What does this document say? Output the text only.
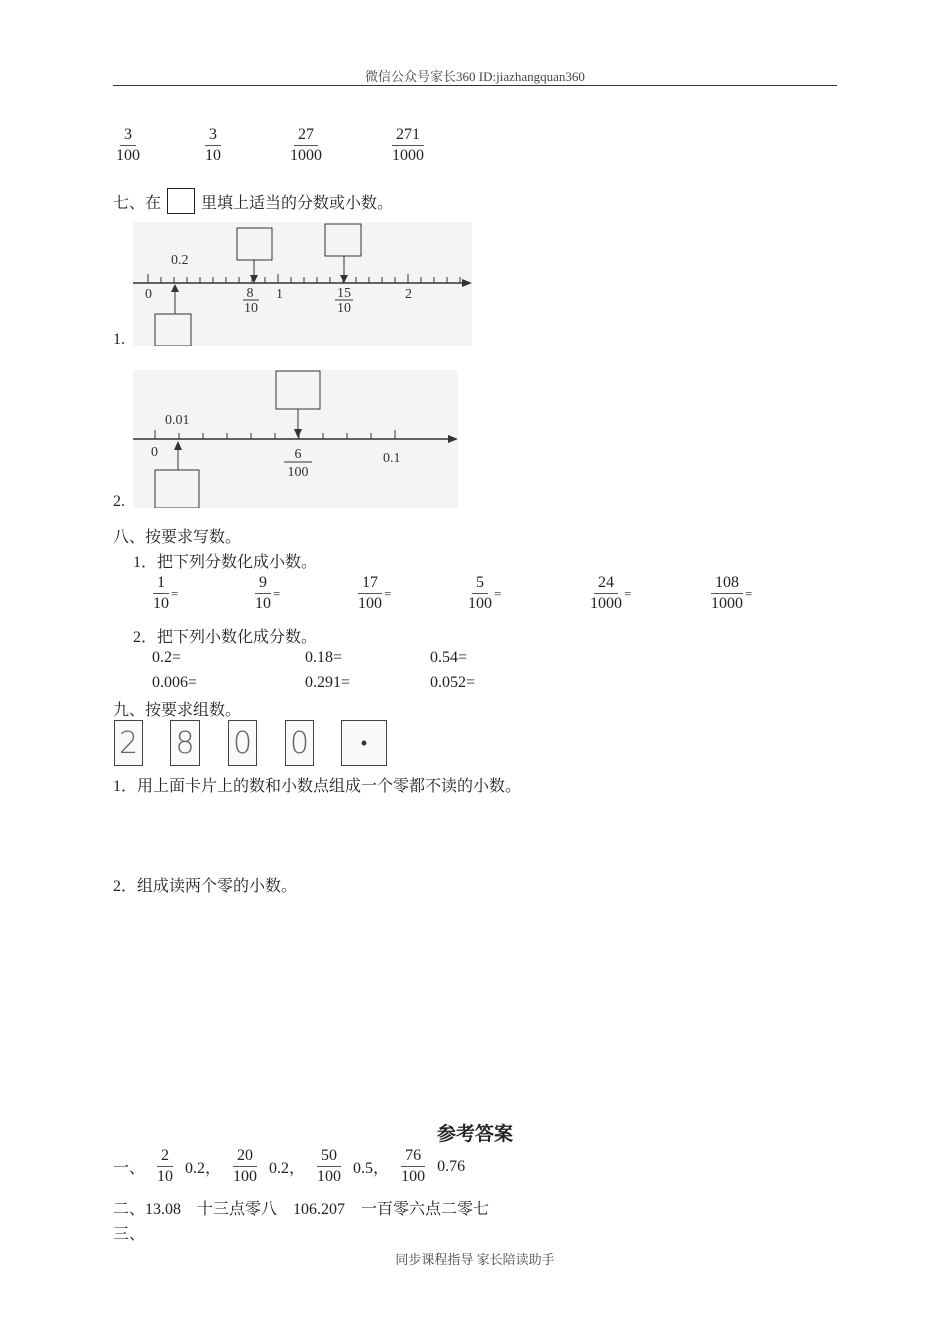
微信公众号家长360 ID:jiazhangquan360
$\frac{3}{100}$	$\frac{3}{10}$	$\frac{27}{1000}$	$\frac{271}{1000}$
七、在	里填上适当的分数或小数。
0	1	2
0.2
8
10
15
10
1.
0	0.1
0.01
6
100
2.
八、按要求写数。
1．把下列分数化成小数。
$\frac{1}{10}$ =	$\frac{9}{10}$ =	$\frac{17}{100}$ =	$\frac{5}{100}$ =	$\frac{24}{1000}$ =	$\frac{108}{1000}$ =
2．把下列小数化成分数。
0.2=	0.18=	0.54=
0.006=	0.291=	0.052=
九、按要求组数。
2 8 0 0	•
1．用上面卡片上的数和小数点组成一个零都不读的小数。
2．组成读两个零的小数。
参考答案
一、 $\frac{2}{10} 0.2$， $\frac{20}{100} 0.2$， $\frac{50}{100} 0.5$， $\frac{76}{100} 0.76$
二、13.08　十三点零八　106.207　一百零六点二零七
三、
同步课程指导 家长陪读助手
